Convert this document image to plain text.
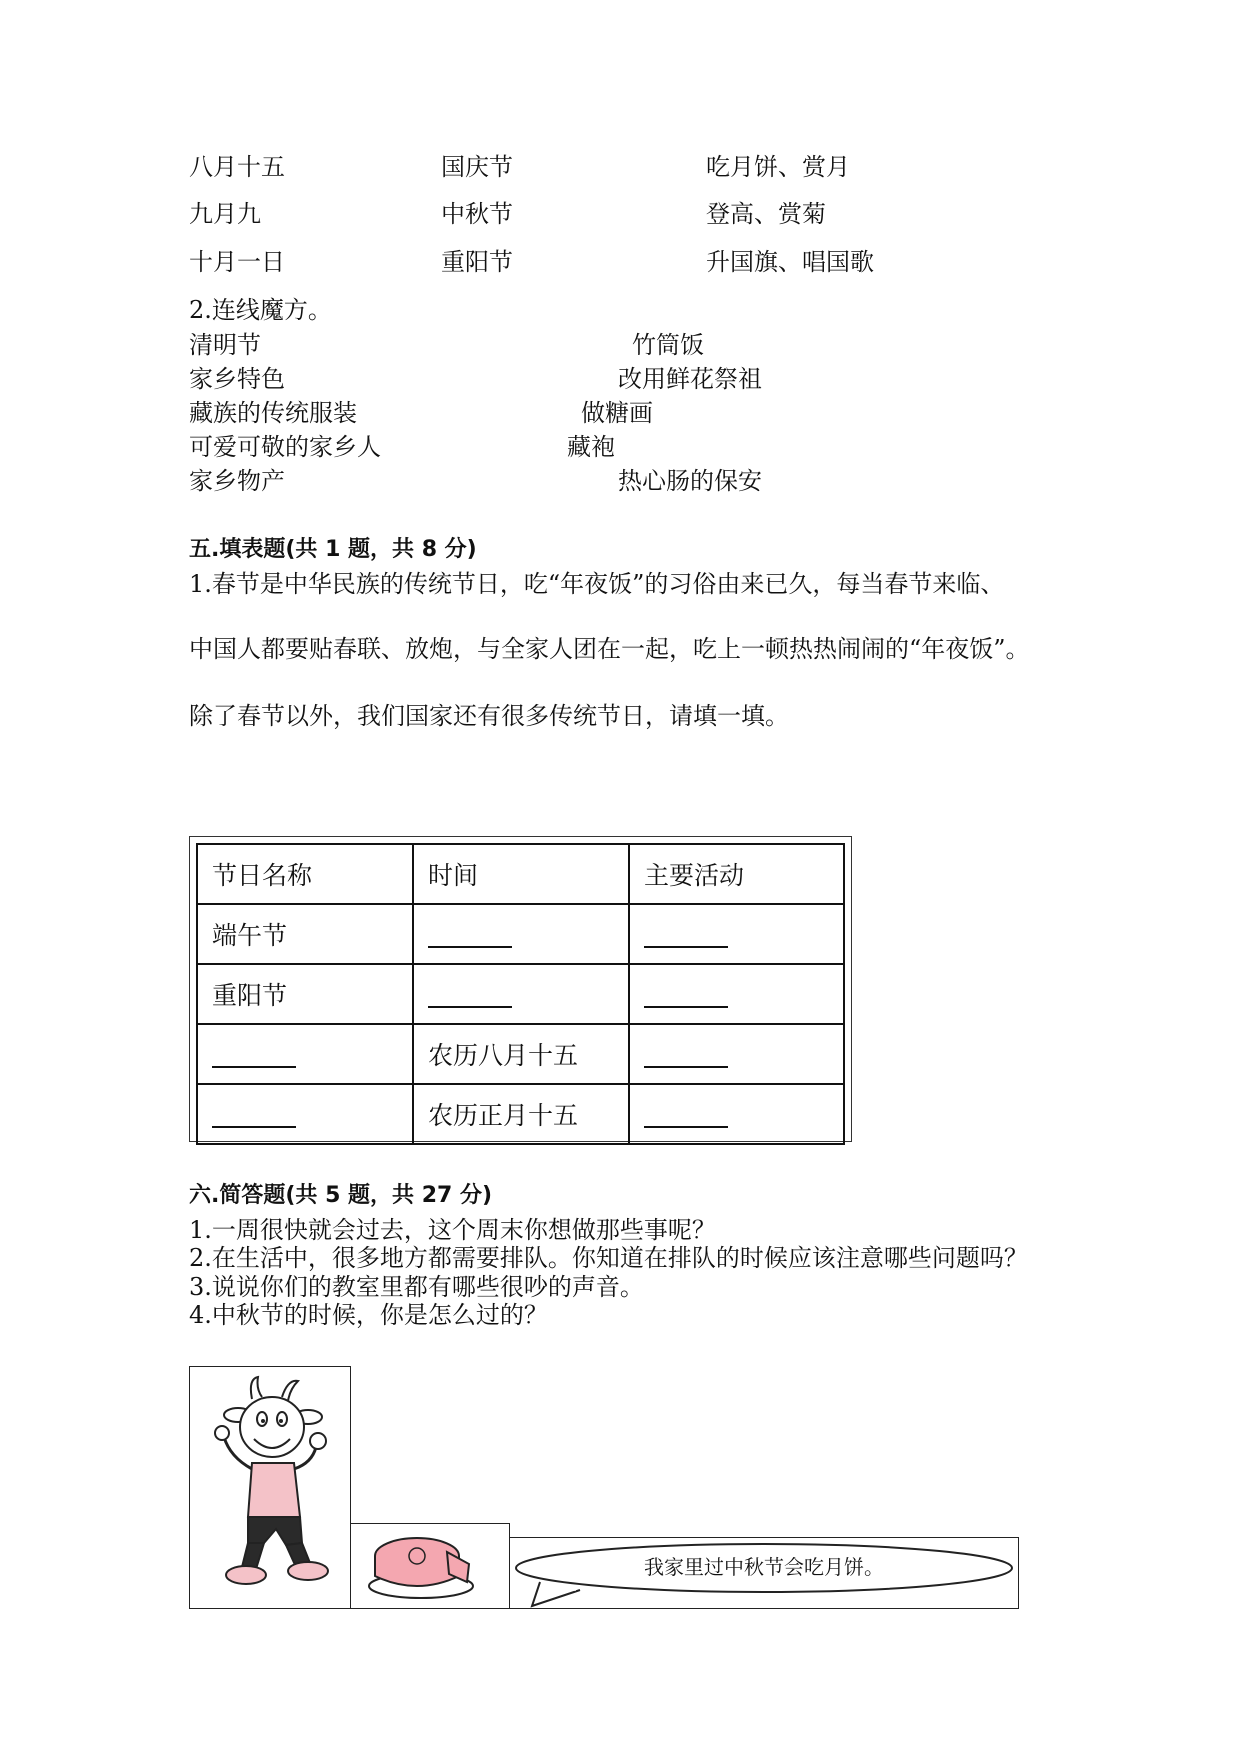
八月十五	国庆节	吃月饼、赏月
九月九	中秋节	登高、赏菊
十月一日	重阳节	升国旗、唱国歌
2.连线魔方。
清明节	竹筒饭
家乡特色	改用鲜花祭祖
藏族的传统服装	做糖画
可爱可敬的家乡人	藏袍
家乡物产	热心肠的保安
五.填表题(共 1 题，共 8 分)
1.春节是中华民族的传统节日，吃“年夜饭”的习俗由来已久，每当春节来临、
中国人都要贴春联、放炮，与全家人团在一起，吃上一顿热热闹闹的“年夜饭”。
除了春节以外，我们国家还有很多传统节日，请填一填。
节日名称	时间	主要活动
端午节		
重阳节		
	农历八月十五	
	农历正月十五	
六.简答题(共 5 题，共 27 分)
1.一周很快就会过去，这个周末你想做那些事呢？
2.在生活中，很多地方都需要排队。你知道在排队的时候应该注意哪些问题吗？
3.说说你们的教室里都有哪些很吵的声音。
4.中秋节的时候，你是怎么过的？
我家里过中秋节会吃月饼。
